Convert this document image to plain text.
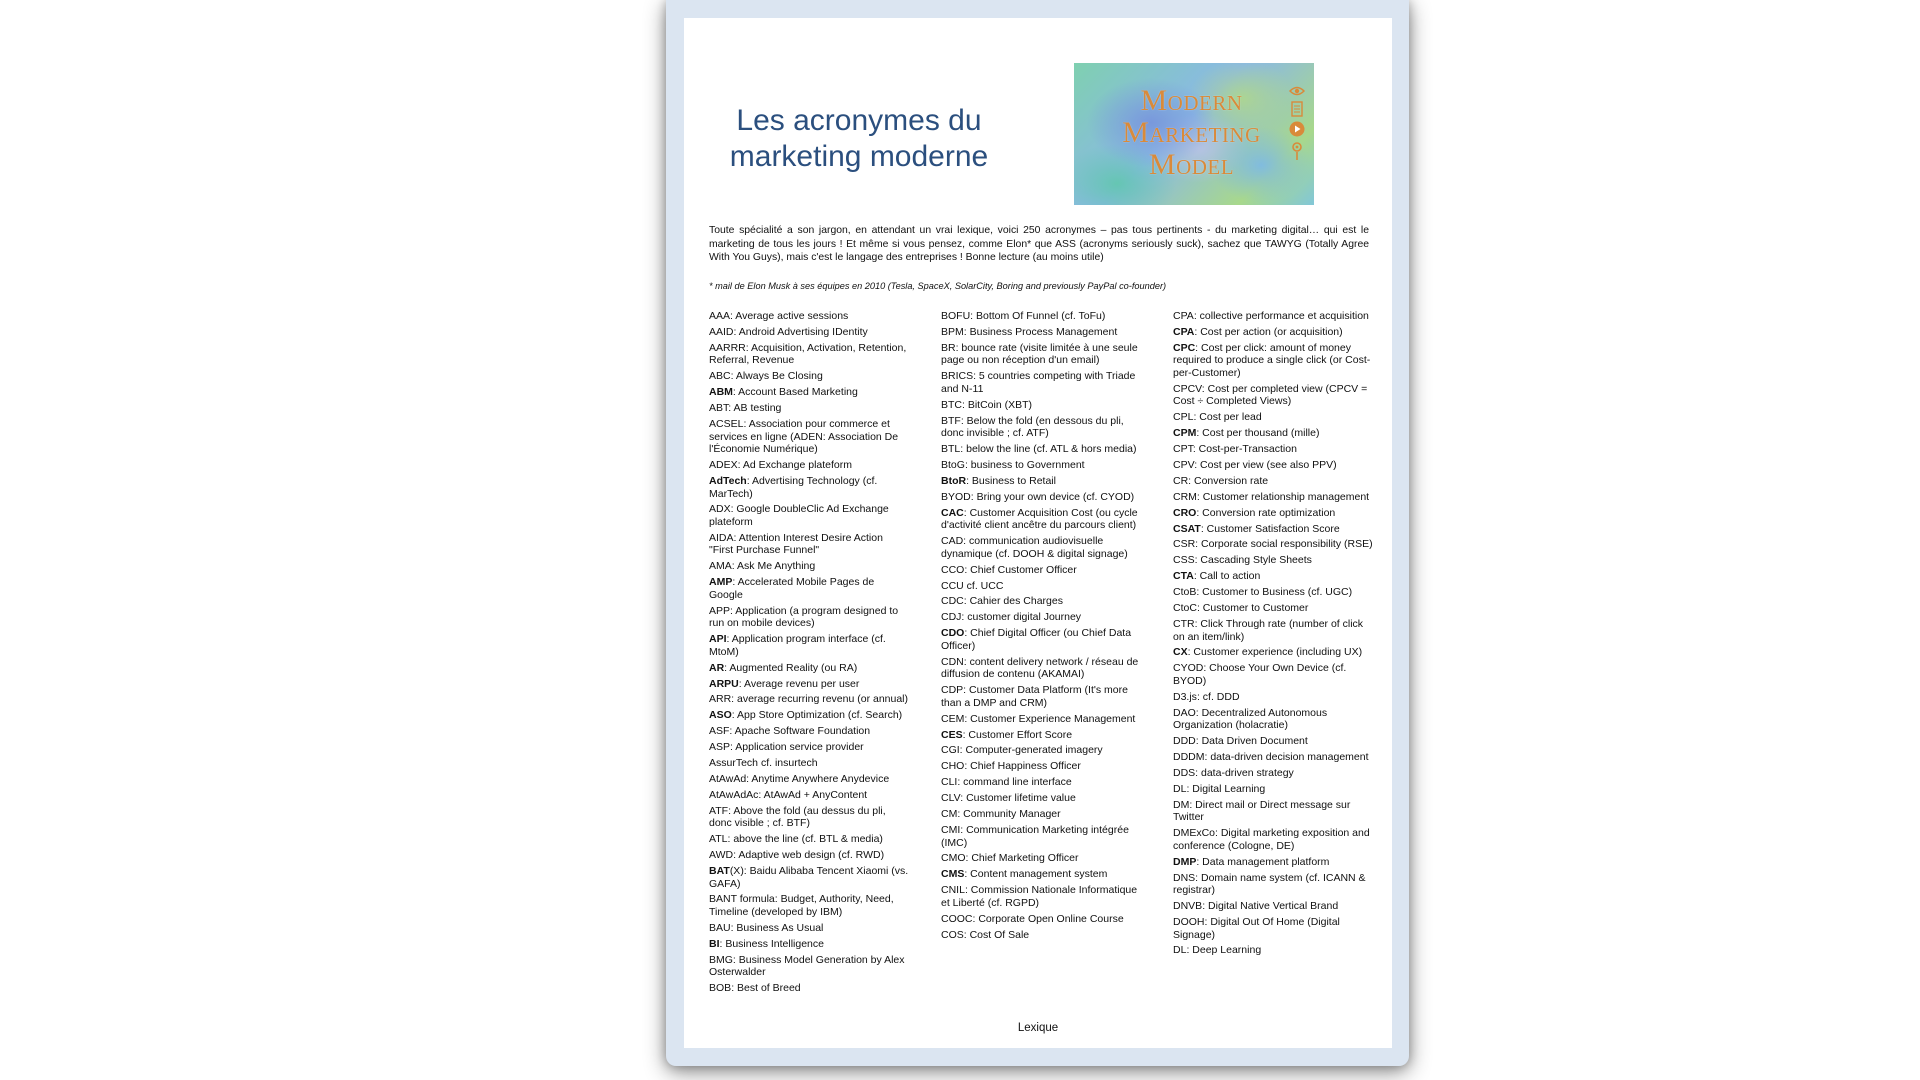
Les acronymes du marketing moderne
Modern Marketing Model
Toute spécialité a son jargon, en attendant un vrai lexique, voici 250 acronymes – pas tous pertinents - du marketing digital… qui est le marketing de tous les jours ! Et même si vous pensez, comme Elon* que ASS (acronyms seriously suck), sachez que TAWYG (Totally Agree With You Guys), mais c'est le langage des entreprises ! Bonne lecture (au moins utile)
* mail de Elon Musk à ses équipes en 2010 (Tesla, SpaceX, SolarCity, Boring and previously PayPal co-founder)
AAA: Average active sessions
AAID: Android Advertising IDentity
AARRR: Acquisition, Activation, Retention, Referral, Revenue
ABC: Always Be Closing
ABM: Account Based Marketing
ABT: AB testing
ACSEL: Association pour commerce et services en ligne (ADEN: Association De l'Économie Numérique)
ADEX: Ad Exchange plateform
AdTech: Advertising Technology (cf. MarTech)
ADX: Google DoubleClic Ad Exchange plateform
AIDA: Attention Interest Desire Action "First Purchase Funnel"
AMA: Ask Me Anything
AMP: Accelerated Mobile Pages de Google
APP: Application (a program designed to run on mobile devices)
API: Application program interface (cf. MtoM)
AR: Augmented Reality (ou RA)
ARPU: Average revenu per user
ARR: average recurring revenu (or annual)
ASO: App Store Optimization (cf. Search)
ASF: Apache Software Foundation
ASP: Application service provider
AssurTech cf. insurtech
AtAwAd: Anytime Anywhere Anydevice
AtAwAdAc: AtAwAd + AnyContent
ATF: Above the fold (au dessus du pli, donc visible ; cf. BTF)
ATL: above the line (cf. BTL & media)
AWD: Adaptive web design (cf. RWD)
BAT(X): Baidu Alibaba Tencent Xiaomi (vs. GAFA)
BANT formula: Budget, Authority, Need, Timeline (developed by IBM)
BAU: Business As Usual
BI: Business Intelligence
BMG: Business Model Generation by Alex Osterwalder
BOB: Best of Breed
BOFU: Bottom Of Funnel (cf. ToFu)
BPM: Business Process Management
BR: bounce rate (visite limitée à une seule page ou non réception d'un email)
BRICS: 5 countries competing with Triade and N-11
BTC: BitCoin (XBT)
BTF: Below the fold (en dessous du pli, donc invisible ; cf. ATF)
BTL: below the line (cf. ATL & hors media)
BtoG: business to Government
BtoR: Business to Retail
BYOD: Bring your own device (cf. CYOD)
CAC: Customer Acquisition Cost (ou cycle d'activité client ancêtre du parcours client)
CAD: communication audiovisuelle dynamique (cf. DOOH & digital signage)
CCO: Chief Customer Officer
CCU cf. UCC
CDC: Cahier des Charges
CDJ: customer digital Journey
CDO: Chief Digital Officer (ou Chief Data Officer)
CDN: content delivery network / réseau de diffusion de contenu (AKAMAI)
CDP: Customer Data Platform (It's more than a DMP and CRM)
CEM: Customer Experience Management
CES: Customer Effort Score
CGI: Computer-generated imagery
CHO: Chief Happiness Officer
CLI: command line interface
CLV: Customer lifetime value
CM: Community Manager
CMI: Communication Marketing intégrée (IMC)
CMO: Chief Marketing Officer
CMS: Content management system
CNIL: Commission Nationale Informatique et Liberté (cf. RGPD)
COOC: Corporate Open Online Course
COS: Cost Of Sale
CPA: collective performance et acquisition
CPA: Cost per action (or acquisition)
CPC: Cost per click: amount of money required to produce a single click (or Cost-per-Customer)
CPCV: Cost per completed view (CPCV = Cost ÷ Completed Views)
CPL: Cost per lead
CPM: Cost per thousand (mille)
CPT: Cost-per-Transaction
CPV: Cost per view (see also PPV)
CR: Conversion rate
CRM: Customer relationship management
CRO: Conversion rate optimization
CSAT: Customer Satisfaction Score
CSR: Corporate social responsibility (RSE)
CSS: Cascading Style Sheets
CTA: Call to action
CtoB: Customer to Business (cf. UGC)
CtoC: Customer to Customer
CTR: Click Through rate (number of click on an item/link)
CX: Customer experience (including UX)
CYOD: Choose Your Own Device (cf. BYOD)
D3.js: cf. DDD
DAO: Decentralized Autonomous Organization (holacratie)
DDD: Data Driven Document
DDDM: data-driven decision management
DDS: data-driven strategy
DL: Digital Learning
DM: Direct mail or Direct message sur Twitter
DMExCo: Digital marketing exposition and conference (Cologne, DE)
DMP: Data management platform
DNS: Domain name system (cf. ICANN & registrar)
DNVB: Digital Native Vertical Brand
DOOH: Digital Out Of Home (Digital Signage)
DL: Deep Learning
Lexique
